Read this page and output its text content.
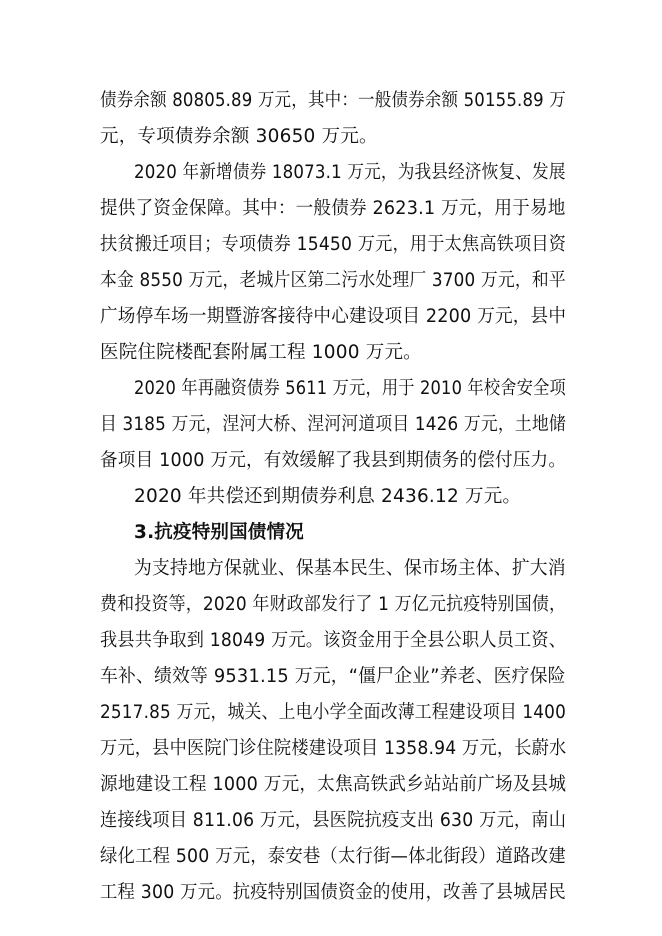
债券余额 80805.89 万元，其中：一般债券余额 50155.89 万
元，专项债券余额 30650 万元。
2020 年新增债券 18073.1 万元，为我县经济恢复、发展
提供了资金保障。其中：一般债券 2623.1 万元，用于易地
扶贫搬迁项目；专项债券 15450 万元，用于太焦高铁项目资
本金 8550 万元，老城片区第二污水处理厂 3700 万元，和平
广场停车场一期暨游客接待中心建设项目 2200 万元，县中
医院住院楼配套附属工程 1000 万元。
2020 年再融资债券 5611 万元，用于 2010 年校舍安全项
目 3185 万元，涅河大桥、涅河河道项目 1426 万元，土地储
备项目 1000 万元，有效缓解了我县到期债务的偿付压力。
2020 年共偿还到期债券利息 2436.12 万元。
3.抗疫特别国债情况
为支持地方保就业、保基本民生、保市场主体、扩大消
费和投资等，2020 年财政部发行了 1 万亿元抗疫特别国债，
我县共争取到 18049 万元。该资金用于全县公职人员工资、
车补、绩效等 9531.15 万元，“僵尸企业”养老、医疗保险
2517.85 万元，城关、上电小学全面改薄工程建设项目 1400
万元，县中医院门诊住院楼建设项目 1358.94 万元，长蔚水
源地建设工程 1000 万元，太焦高铁武乡站站前广场及县城
连接线项目 811.06 万元，县医院抗疫支出 630 万元，南山
绿化工程 500 万元，泰安巷（太行街—体北街段）道路改建
工程 300 万元。抗疫特别国债资金的使用，改善了县城居民
